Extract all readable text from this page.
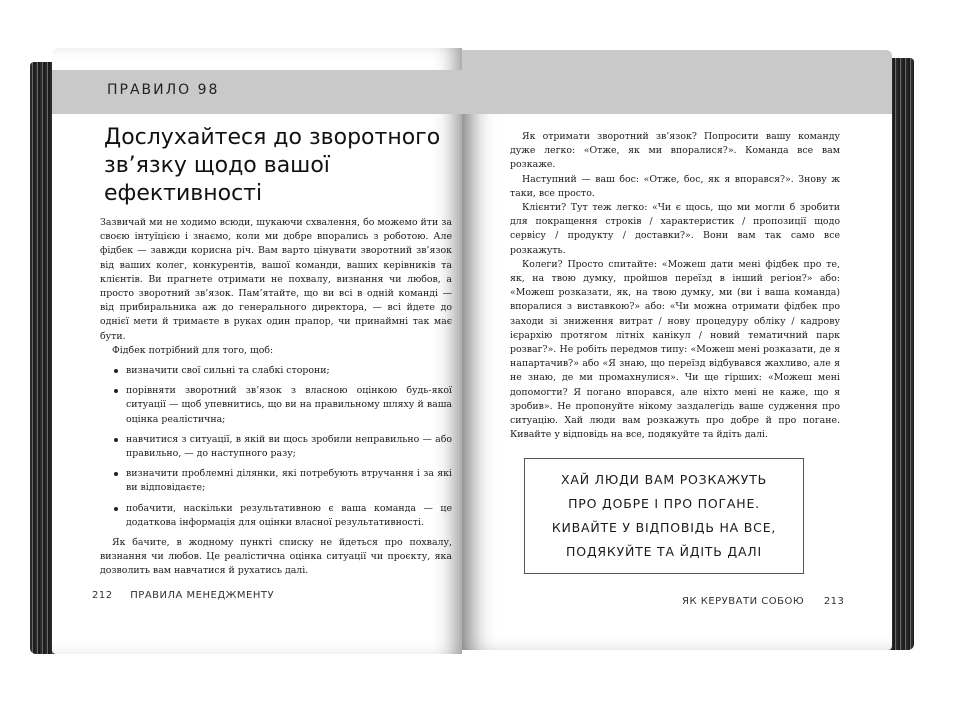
ПРАВИЛО 98
Дослухайтеся до зворотного
зв’язку щодо вашої
ефективності

Зазвичай ми не ходимо всюди, шукаючи схвалення, бо можемо йти за своєю інтуїцією і знаємо, коли ми добре впорались з роботою. Але фідбек — завжди корисна річ. Вам варто цінувати зворотний зв’язок від ваших колег, конкурентів, вашої команди, ваших керівників та клієнтів. Ви прагнете отримати не похвалу, визнання чи любов, а просто зворотний зв’язок. Пам’ятайте, що ви всі в одній команді — від прибиральника аж до генерального директора, — всі йдете до однієї мети й тримаєте в руках один прапор, чи принаймні так має бути.

Фідбек потрібний для того, щоб:

визначити свої сильні та слабкі сторони;
порівняти зворотний зв’язок з власною оцінкою будь-якої ситуації — щоб упевнитись, що ви на правильному шляху й ваша оцінка реалістична;
навчитися з ситуації, в якій ви щось зробили неправильно — або правильно, — до наступного разу;
визначити проблемні ділянки, які потребують втручання і за які ви відповідаєте;
побачити, наскільки результативною є ваша команда — це додаткова інформація для оцінки власної результативності.

Як бачите, в жодному пункті списку не йдеться про похвалу, визнання чи любов. Це реалістична оцінка ситуації чи проєкту, яка дозволить вам навчатися й рухатись далі.

212 ПРАВИЛА МЕНЕДЖМЕНТУ

Як отримати зворотний зв’язок? Попросити вашу команду дуже легко: «Отже, як ми впоралися?». Команда все вам розкаже.

Наступний — ваш бос: «Отже, бос, як я впорався?». Знову ж таки, все просто.

Клієнти? Тут теж легко: «Чи є щось, що ми могли б зробити для покращення строків / характеристик / пропозиції щодо сервісу / продукту / доставки?». Вони вам так само все розкажуть.

Колеги? Просто спитайте: «Можеш дати мені фідбек про те, як, на твою думку, пройшов переїзд в інший регіон?» або: «Можеш розказати, як, на твою думку, ми (ви і ваша команда) впоралися з виставкою?» або: «Чи можна отримати фідбек про заходи зі зниження витрат / нову процедуру обліку / кадрову ієрархію протягом літніх канікул / новий тематичний парк розваг?». Не робіть передмов типу: «Можеш мені розказати, де я напартачив?» або «Я знаю, що переїзд відбувався жахливо, але я не знаю, де ми промахнулися». Чи ще гірших: «Можеш мені допомогти? Я погано впорався, але ніхто мені не каже, що я зробив». Не пропонуйте нікому заздалегідь ваше судження про ситуацію. Хай люди вам розкажуть про добре й про погане. Кивайте у відповідь на все, подякуйте та йдіть далі.

ХАЙ ЛЮДИ ВАМ РОЗКАЖУТЬ
ПРО ДОБРЕ І ПРО ПОГАНЕ.
КИВАЙТЕ У ВІДПОВІДЬ НА ВСЕ,
ПОДЯКУЙТЕ ТА ЙДІТЬ ДАЛІ
ЯК КЕРУВАТИ СОБОЮ 213
